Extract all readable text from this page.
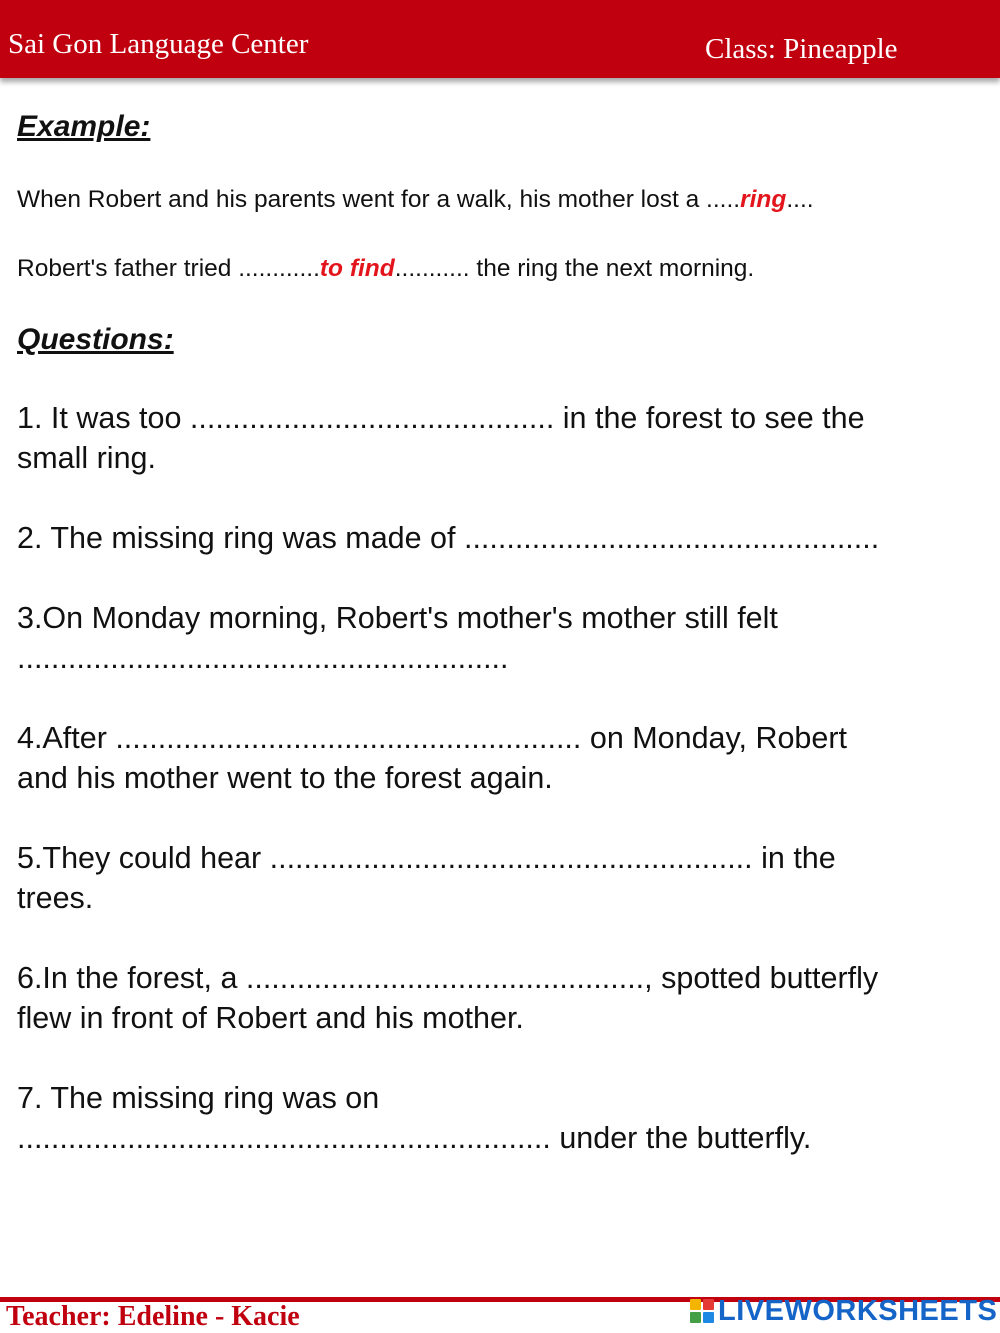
Sai Gon Language Center	Class: Pineapple
Example:
When Robert and his parents went for a walk, his mother lost a .....ring....
Robert's father tried ............to find........... the ring the next morning.
Questions:
1. It was too ........................................... in the forest to see the
small ring.
2. The missing ring was made of .................................................
3.On Monday morning, Robert's mother's mother still felt
..........................................................
4.After ....................................................... on Monday, Robert
and his mother went to the forest again.
5.They could hear ......................................................... in the
trees.
6.In the forest, a ..............................................., spotted butterfly
flew in front of Robert and his mother.
7. The missing ring was on
............................................................... under the butterfly.
Teacher: Edeline - Kacie	LIVEWORKSHEETS
